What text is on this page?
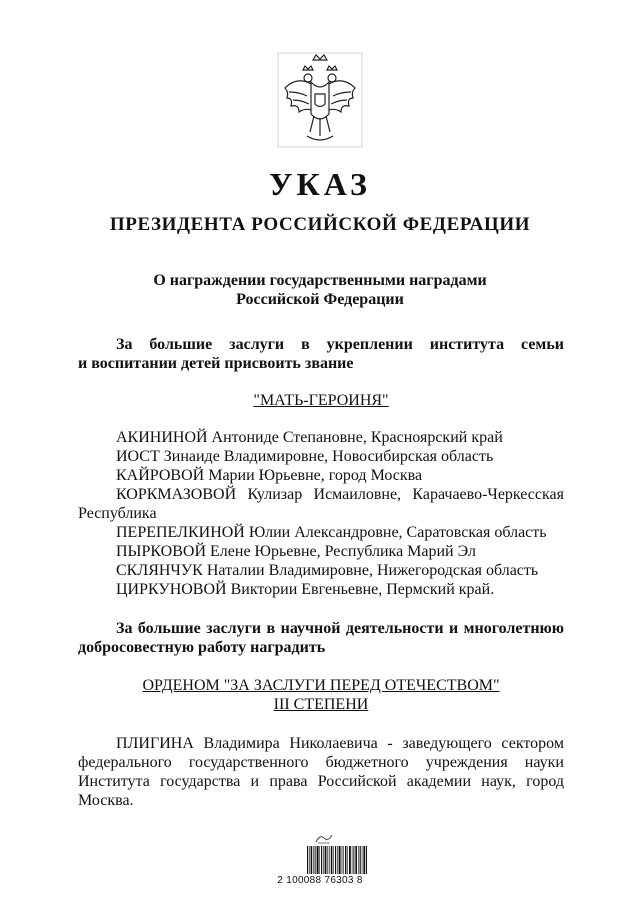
УКАЗ
ПРЕЗИДЕНТА РОССИЙСКОЙ ФЕДЕРАЦИИ
О награждении государственными наградами
Российской Федерации
За большие заслуги в укреплении института семьи
и воспитании детей присвоить звание
"МАТЬ-ГЕРОИНЯ"
АКИНИНОЙ Антониде Степановне, Красноярский край
ИОСТ Зинаиде Владимировне, Новосибирская область
КАЙРОВОЙ Марии Юрьевне, город Москва
КОРКМАЗОВОЙ Кулизар Исмаиловне, Карачаево-Черкесская
Республика
ПЕРЕПЕЛКИНОЙ Юлии Александровне, Саратовская область
ПЫРКОВОЙ Елене Юрьевне, Республика Марий Эл
СКЛЯНЧУК Наталии Владимировне, Нижегородская область
ЦИРКУНОВОЙ Виктории Евгеньевне, Пермский край.
За большие заслуги в научной деятельности и многолетнюю
добросовестную работу наградить
ОРДЕНОМ "ЗА ЗАСЛУГИ ПЕРЕД ОТЕЧЕСТВОМ"
III СТЕПЕНИ
ПЛИГИНА Владимира Николаевича - заведующего сектором федерального государственного бюджетного учреждения науки Института государства и права Российской академии наук, город Москва.
2 100088 76303 8
